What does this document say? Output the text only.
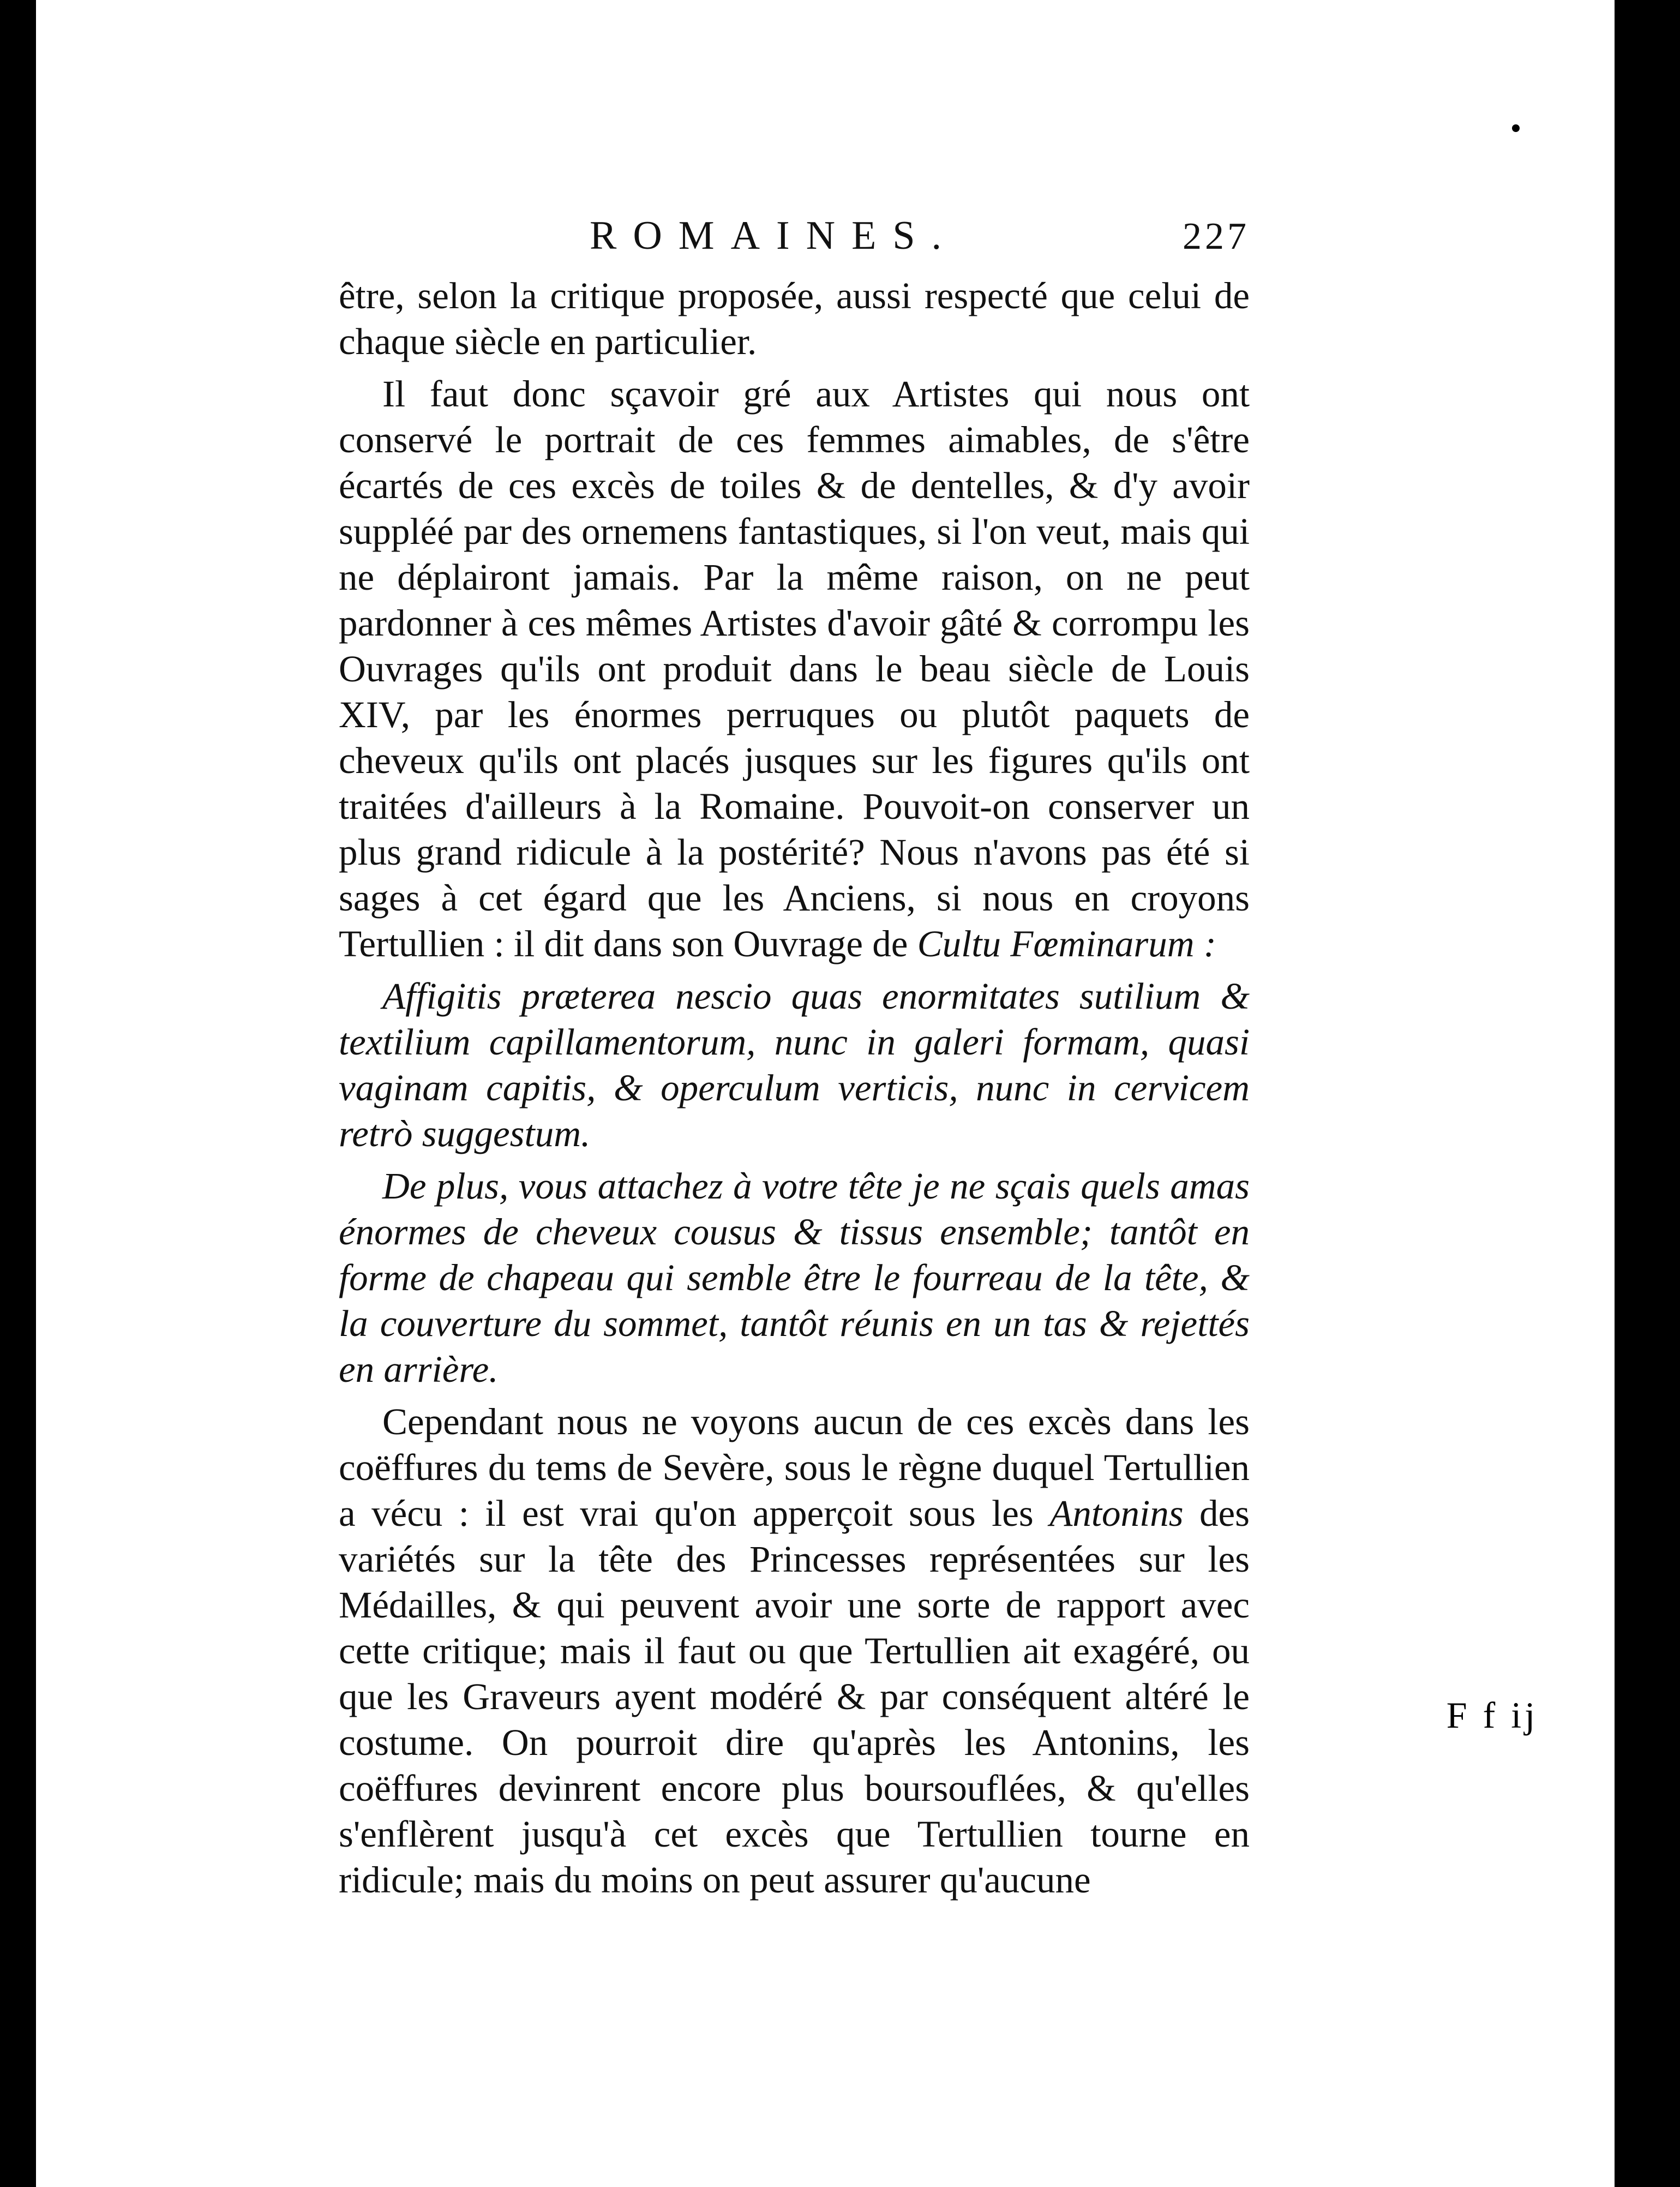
ROMAINES.	227

être, selon la critique proposée, aussi respecté que celui de chaque siècle en particulier.

Il faut donc sçavoir gré aux Artistes qui nous ont conservé le portrait de ces femmes aimables, de s'être écartés de ces excès de toiles & de dentelles, & d'y avoir suppléé par des ornemens fantastiques, si l'on veut, mais qui ne déplairont jamais. Par la même raison, on ne peut pardonner à ces mêmes Artistes d'avoir gâté & corrompu les Ouvrages qu'ils ont produit dans le beau siècle de Louis XIV, par les énormes perruques ou plutôt paquets de cheveux qu'ils ont placés jusques sur les figures qu'ils ont traitées d'ailleurs à la Romaine. Pouvoit-on conserver un plus grand ridicule à la postérité? Nous n'avons pas été si sages à cet égard que les Anciens, si nous en croyons Tertullien : il dit dans son Ouvrage de Cultu Fœminarum :

Affigitis præterea nescio quas enormitates sutilium & textilium capillamentorum, nunc in galeri formam, quasi vaginam capitis, & operculum verticis, nunc in cervicem retrò suggestum.

De plus, vous attachez à votre tête je ne sçais quels amas énormes de cheveux cousus & tissus ensemble; tantôt en forme de chapeau qui semble être le fourreau de la tête, & la couverture du sommet, tantôt réunis en un tas & rejettés en arrière.

Cependant nous ne voyons aucun de ces excès dans les coëffures du tems de Sevère, sous le règne duquel Tertullien a vécu : il est vrai qu'on apperçoit sous les Antonins des variétés sur la tête des Princesses représentées sur les Médailles, & qui peuvent avoir une sorte de rapport avec cette critique; mais il faut ou que Tertullien ait exagéré, ou que les Graveurs ayent modéré & par conséquent altéré le costume. On pourroit dire qu'après les Antonins, les coëffures devinrent encore plus boursouflées, & qu'elles s'enflèrent jusqu'à cet excès que Tertullien tourne en ridicule; mais du moins on peut assurer qu'aucune

F f ij
